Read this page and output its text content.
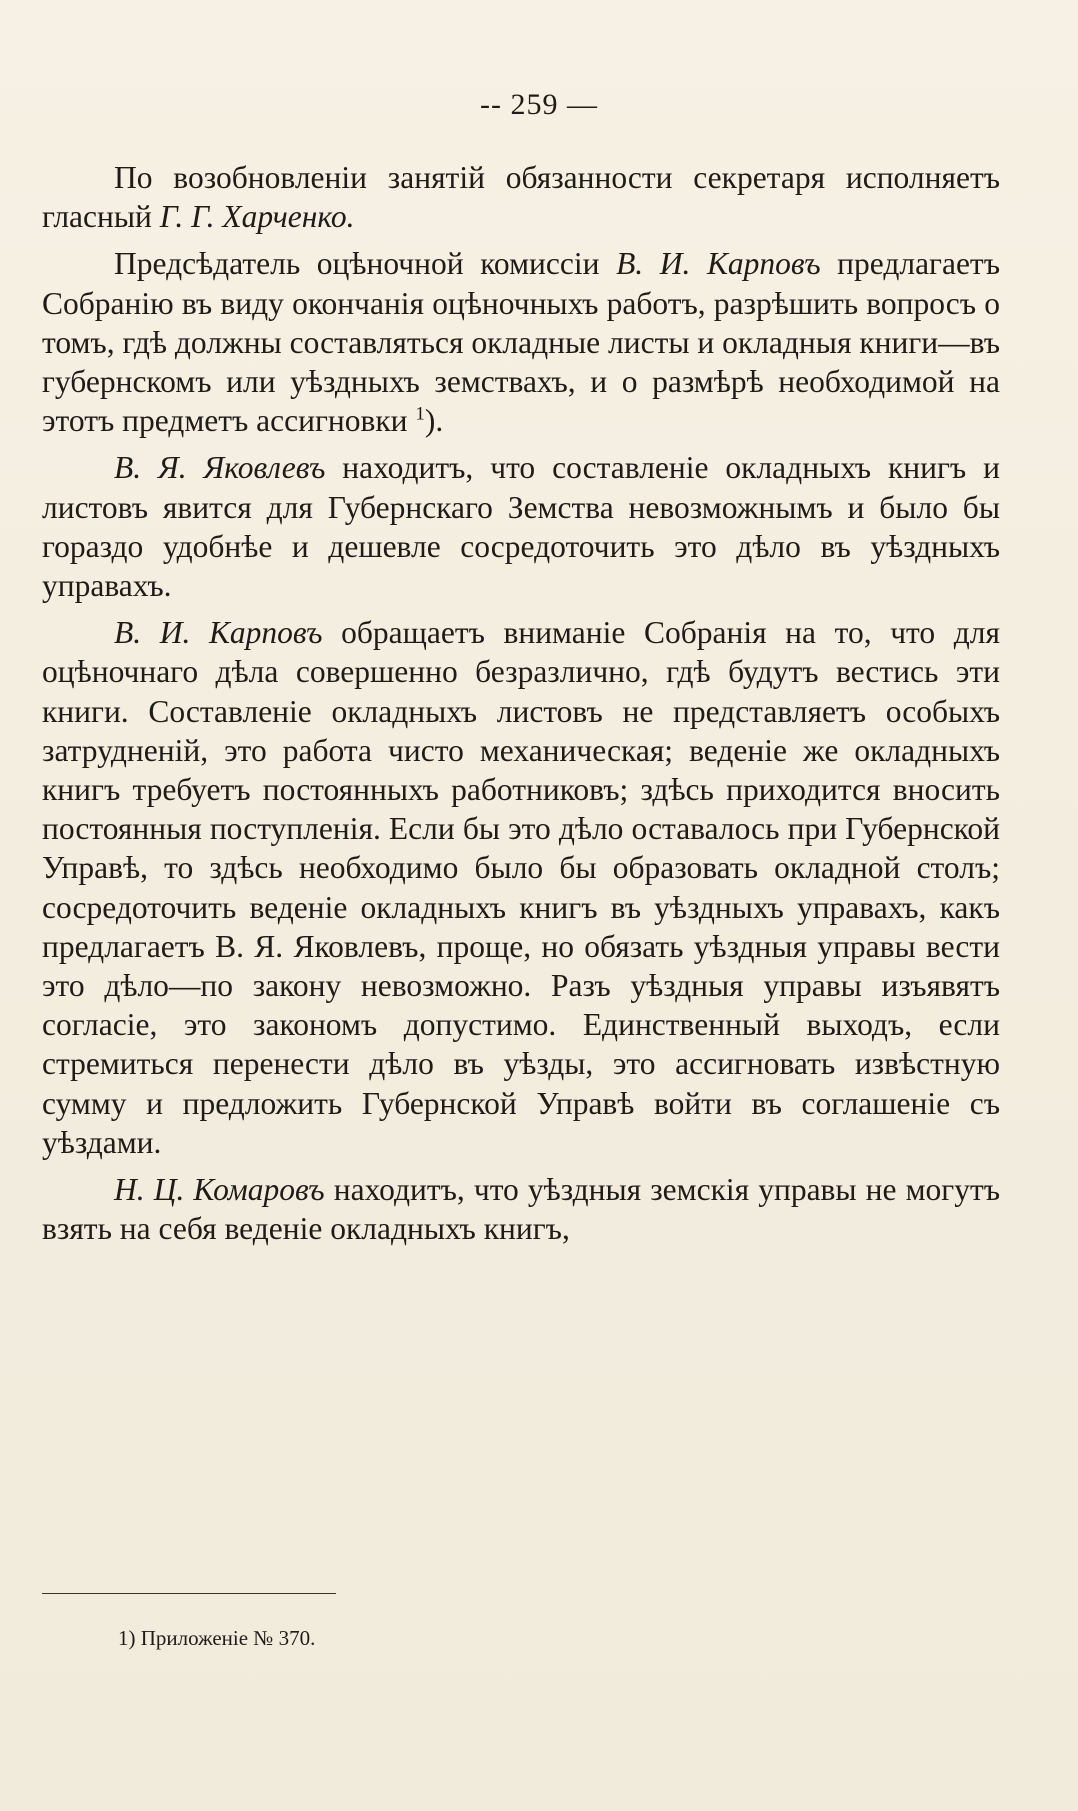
-- 259 —

По возобновленіи занятій обязанности секретаря исполняетъ гласный Г. Г. Харченко.

Предсѣдатель оцѣночной комиссіи В. И. Карповъ предлагаетъ Собранію въ виду окончанія оцѣночныхъ работъ, разрѣшить вопросъ о томъ, гдѣ должны составляться окладные листы и окладныя книги—въ губернскомъ или уѣздныхъ земствахъ, и о размѣрѣ необходимой на этотъ предметъ ассигновки $^1$).

В. Я. Яковлевъ находитъ, что составленіе окладныхъ книгъ и листовъ явится для Губернскаго Земства невозможнымъ и было бы гораздо удобнѣе и дешевле сосредоточить это дѣло въ уѣздныхъ управахъ.

В. И. Карповъ обращаетъ вниманіе Собранія на то, что для оцѣночнаго дѣла совершенно безразлично, гдѣ будутъ вестись эти книги. Составленіе окладныхъ листовъ не представляетъ особыхъ затрудненій, это работа чисто механическая; веденіе же окладныхъ книгъ требуетъ постоянныхъ работниковъ; здѣсь приходится вносить постоянныя поступленія. Если бы это дѣло оставалось при Губернской Управѣ, то здѣсь необходимо было бы образовать окладной столъ; сосредоточить веденіе окладныхъ книгъ въ уѣздныхъ управахъ, какъ предлагаетъ В. Я. Яковлевъ, проще, но обязать уѣздныя управы вести это дѣло—по закону невозможно. Разъ уѣздныя управы изъявятъ согласіе, это закономъ допустимо. Единственный выходъ, если стремиться перенести дѣло въ уѣзды, это ассигновать извѣстную сумму и предложить Губернской Управѣ войти въ соглашеніе съ уѣздами.

Н. Ц. Комаровъ находитъ, что уѣздныя земскія управы не могутъ взять на себя веденіе окладныхъ книгъ,

1) Приложеніе № 370.
